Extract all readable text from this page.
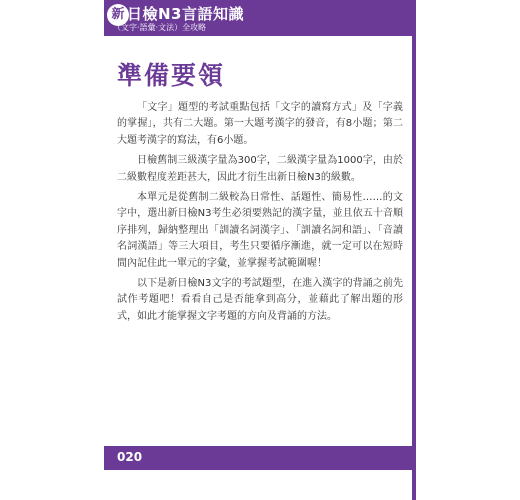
新 日檢N3言語知識
（文字‧語彙‧文法）全攻略
準備要領

「文字」題型的考試重點包括「文字的讀寫方式」及「字義的掌握」，共有二大題。第一大題考漢字的發音，有8小題；第二大題考漢字的寫法，有6小題。

日檢舊制三級漢字量為300字，二級漢字量為1000字，由於二級數程度差距甚大，因此才衍生出新日檢N3的級數。

本單元是從舊制二級較為日常性、話題性、簡易性……的文字中，選出新日檢N3考生必須要熟記的漢字量，並且依五十音順序排列，歸納整理出「訓讀名詞漢字」、「訓讀名詞和語」、「音讀名詞漢語」等三大項目，考生只要循序漸進，就一定可以在短時間內記住此一單元的字彙，並掌握考試範圍喔！

以下是新日檢N3文字的考試題型，在進入漢字的背誦之前先試作考題吧！看看自己是否能拿到高分，並藉此了解出題的形式，如此才能掌握文字考題的方向及背誦的方法。

020
